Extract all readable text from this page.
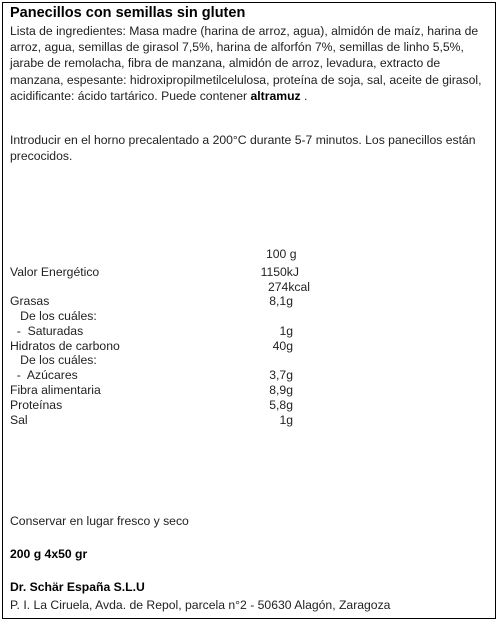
Panecillos con semillas sin gluten
Lista de ingredientes: Masa madre (harina de arroz, agua), almidón de maíz, harina de arroz, agua, semillas de girasol 7,5%, harina de alforfón 7%, semillas de linho 5,5%, jarabe de remolacha, fibra de manzana, almidón de arroz, levadura, extracto de manzana, espesante: hidroxipropilmetilcelulosa, proteína de soja, sal, aceite de girasol, acidificante: ácido tartárico. Puede contener altramuz .
Introducir en el horno precalentado a 200°C durante 5-7 minutos. Los panecillos están precocidos.
100 g
Valor Energético	1150kJ
274kcal
Grasas	8,1g
De los cuáles:
-  Saturadas	1g
Hidratos de carbono	40g
De los cuáles:
-  Azúcares	3,7g
Fibra alimentaria	8,9g
Proteínas	5,8g
Sal	1g
Conservar en lugar fresco y seco
200 g 4x50 gr
Dr. Schär España S.L.U
P. I. La Ciruela, Avda. de Repol, parcela n°2 - 50630 Alagón, Zaragoza
